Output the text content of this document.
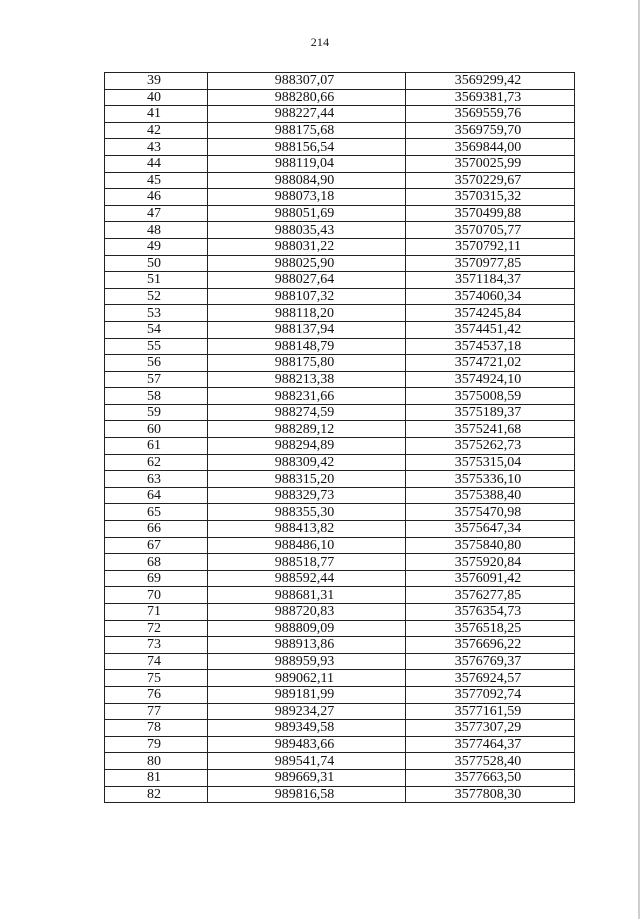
214
39	988307,07	3569299,42
40	988280,66	3569381,73
41	988227,44	3569559,76
42	988175,68	3569759,70
43	988156,54	3569844,00
44	988119,04	3570025,99
45	988084,90	3570229,67
46	988073,18	3570315,32
47	988051,69	3570499,88
48	988035,43	3570705,77
49	988031,22	3570792,11
50	988025,90	3570977,85
51	988027,64	3571184,37
52	988107,32	3574060,34
53	988118,20	3574245,84
54	988137,94	3574451,42
55	988148,79	3574537,18
56	988175,80	3574721,02
57	988213,38	3574924,10
58	988231,66	3575008,59
59	988274,59	3575189,37
60	988289,12	3575241,68
61	988294,89	3575262,73
62	988309,42	3575315,04
63	988315,20	3575336,10
64	988329,73	3575388,40
65	988355,30	3575470,98
66	988413,82	3575647,34
67	988486,10	3575840,80
68	988518,77	3575920,84
69	988592,44	3576091,42
70	988681,31	3576277,85
71	988720,83	3576354,73
72	988809,09	3576518,25
73	988913,86	3576696,22
74	988959,93	3576769,37
75	989062,11	3576924,57
76	989181,99	3577092,74
77	989234,27	3577161,59
78	989349,58	3577307,29
79	989483,66	3577464,37
80	989541,74	3577528,40
81	989669,31	3577663,50
82	989816,58	3577808,30
